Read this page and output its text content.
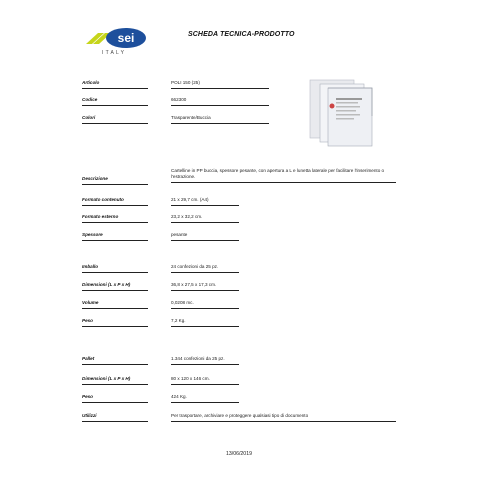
sei
ITALY
SCHEDA TECNICA-PRODOTTO
Articolo	POLI 150 (25)
Codice	662300
Colori	Trasparente/Buccia
Descrizione
Cartelline in PP buccia, spessore pesante, con apertura a L e lunetta laterale per facilitare l'inserimento o l'estrazione.
Formato contenuto	21 x 29,7 cm. (A4)
Formato esterno	23,2 x 32,2 cm.
Spessore	pesante
Imballo	24 confezioni da 25 pz.
Dimensioni (L x P x H)	36,8 x 27,5 x 17,3 cm.
Volume	0,0208 mc.
Peso	7,2 Kg.
Pallet	1.344 confezioni da 25 pz.
Dimensioni (L x P x H)	80 x 120 x 146 cm.
Peso	424 Kg.
Utilizzi	Per trasportare, archiviare e proteggere qualsiasi tipo di documento
13/06/2019
